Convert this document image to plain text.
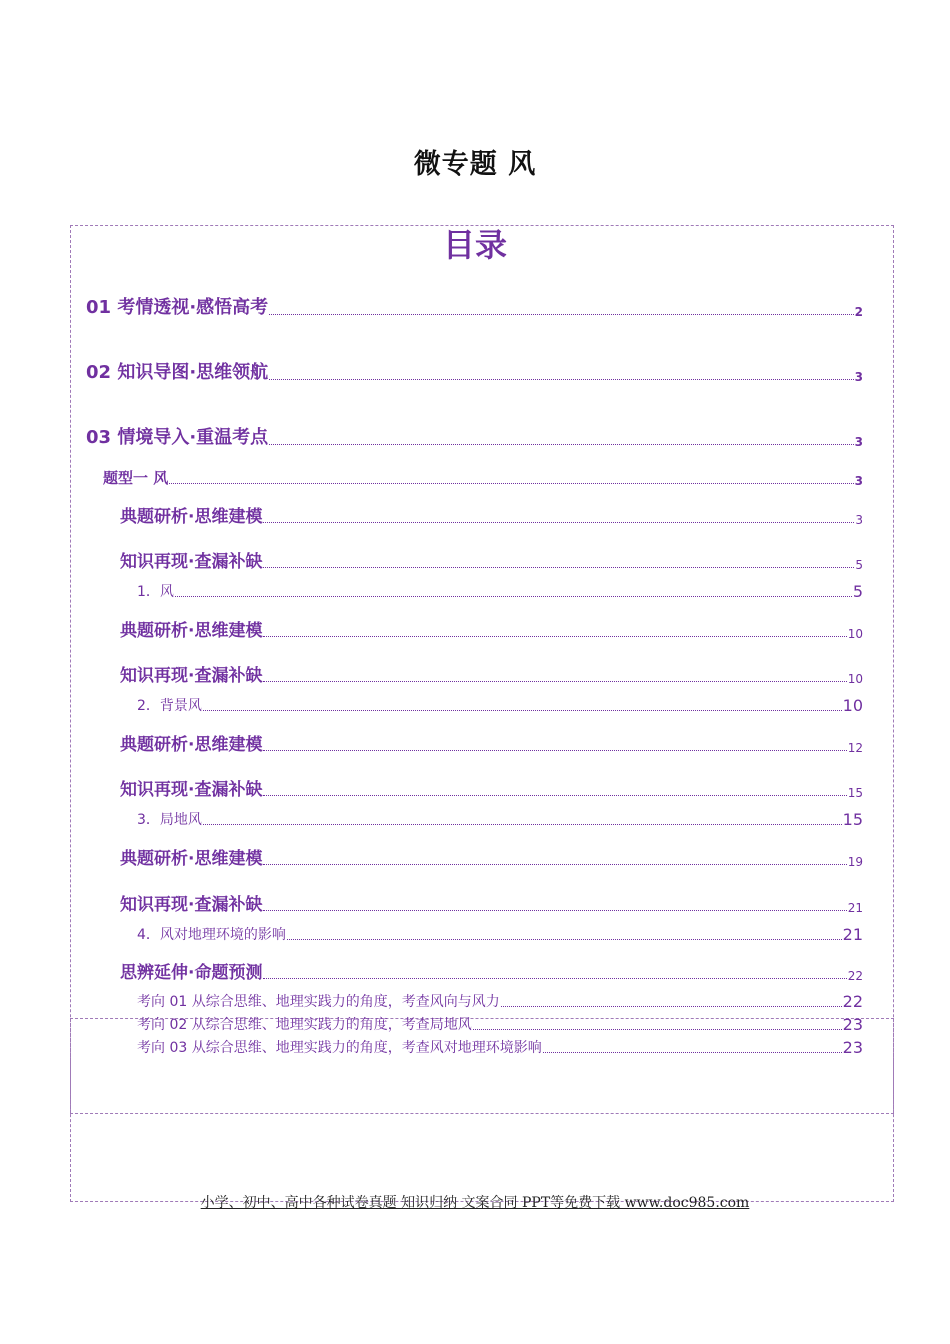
微专题 风
目录
01 考情透视·感悟高考	2
02 知识导图·思维领航	3
03 情境导入·重温考点	3
题型一 风	3
典题研析·思维建模	3
知识再现·查漏补缺	5
1．风	5
典题研析·思维建模	10
知识再现·查漏补缺	10
2．背景风	10
典题研析·思维建模	12
知识再现·查漏补缺	15
3．局地风	15
典题研析·思维建模	19
知识再现·查漏补缺	21
4．风对地理环境的影响	21
思辨延伸·命题预测	22
考向 01 从综合思维、地理实践力的角度，考查风向与风力	22
考向 02 从综合思维、地理实践力的角度，考查局地风	23
考向 03 从综合思维、地理实践力的角度，考查风对地理环境影响	23

小学、初中、高中各种试卷真题 知识归纳 文案合同 PPT等免费下载 www.doc985.com
